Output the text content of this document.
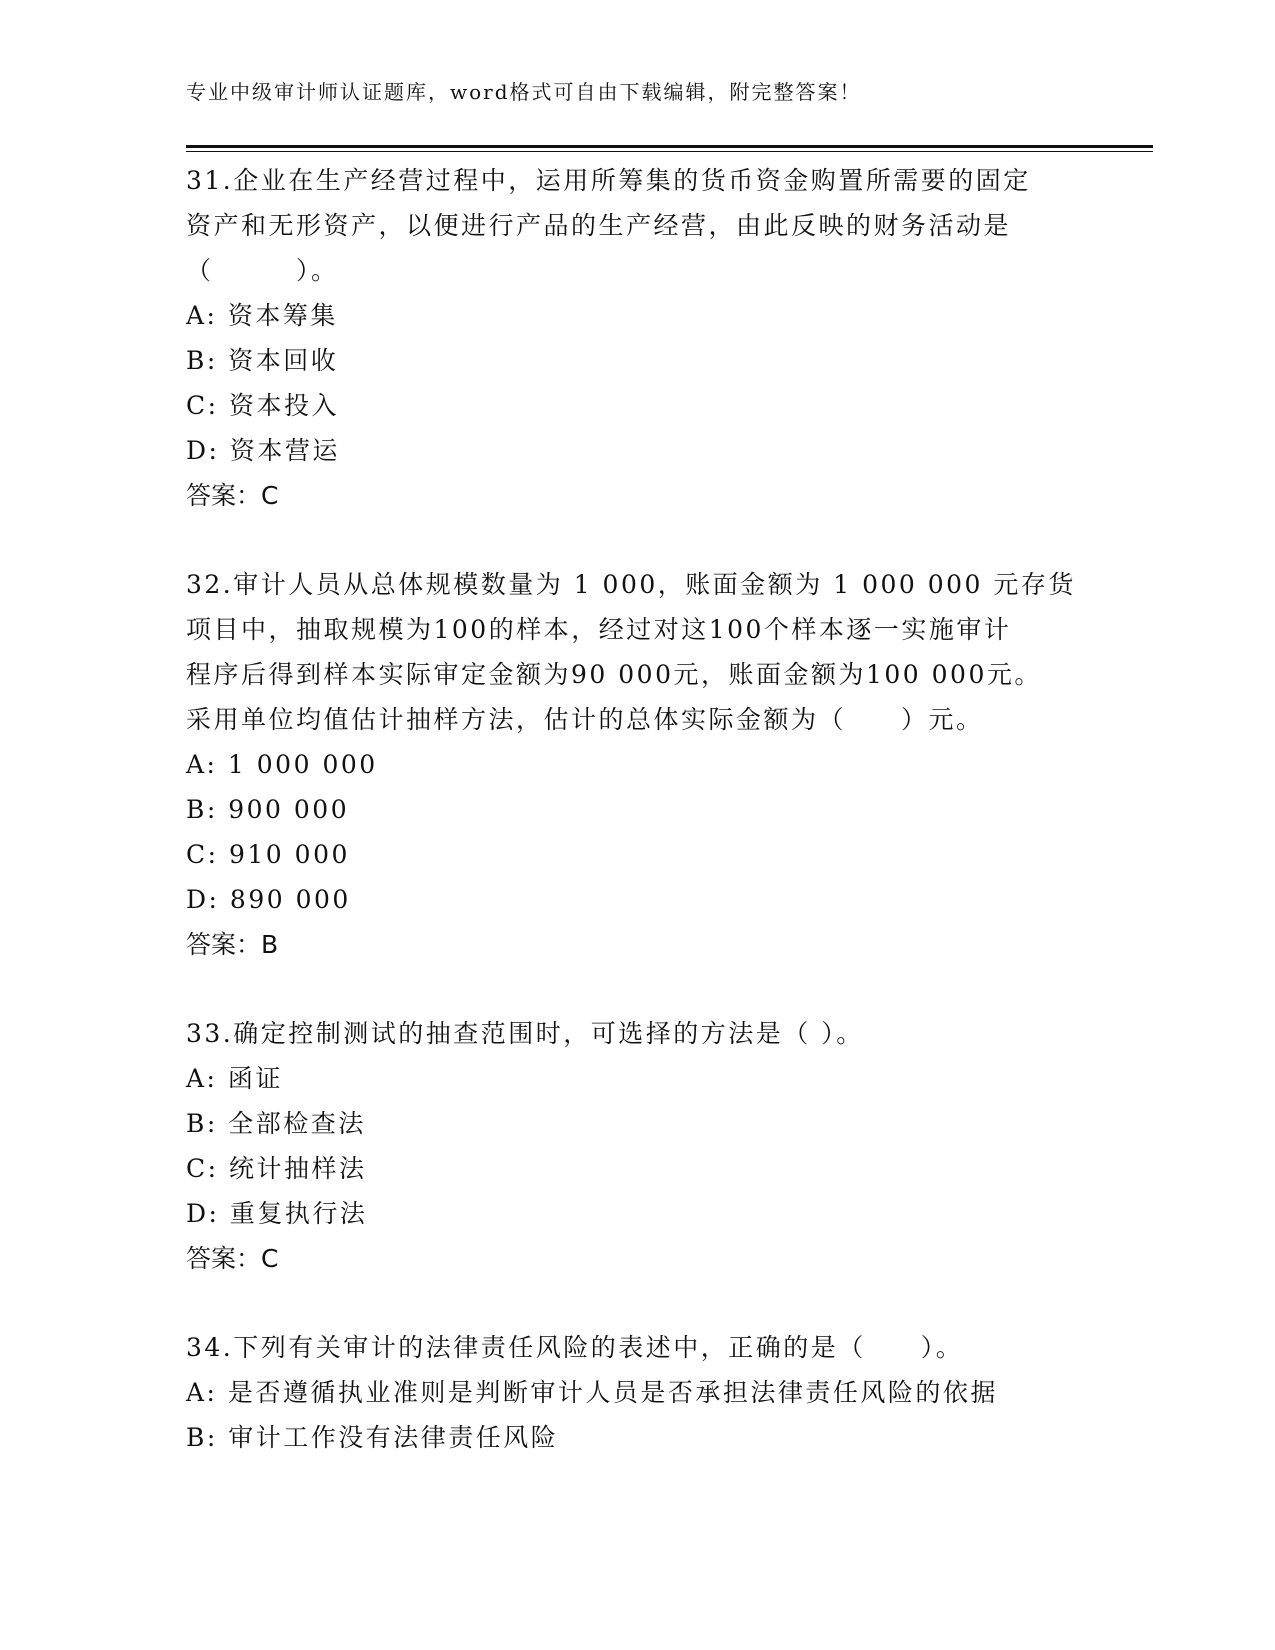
专业中级审计师认证题库，word格式可自由下载编辑，附完整答案！

31.企业在生产经营过程中，运用所筹集的货币资金购置所需要的固定

资产和无形资产，以便进行产品的生产经营，由此反映的财务活动是

（　　　）。

A: 资本筹集

B: 资本回收

C: 资本投入

D: 资本营运

答案：C

32.审计人员从总体规模数量为 1 000，账面金额为 1 000 000 元存货

项目中，抽取规模为100的样本，经过对这100个样本逐一实施审计

程序后得到样本实际审定金额为90 000元，账面金额为100 000元。

采用单位均值估计抽样方法，估计的总体实际金额为（　　）元。

A: 1 000 000

B: 900 000

C: 910 000

D: 890 000

答案：B

33.确定控制测试的抽查范围时，可选择的方法是（ ）。

A: 函证

B: 全部检查法

C: 统计抽样法

D: 重复执行法

答案：C

34.下列有关审计的法律责任风险的表述中，正确的是（　　）。

A: 是否遵循执业准则是判断审计人员是否承担法律责任风险的依据

B: 审计工作没有法律责任风险
